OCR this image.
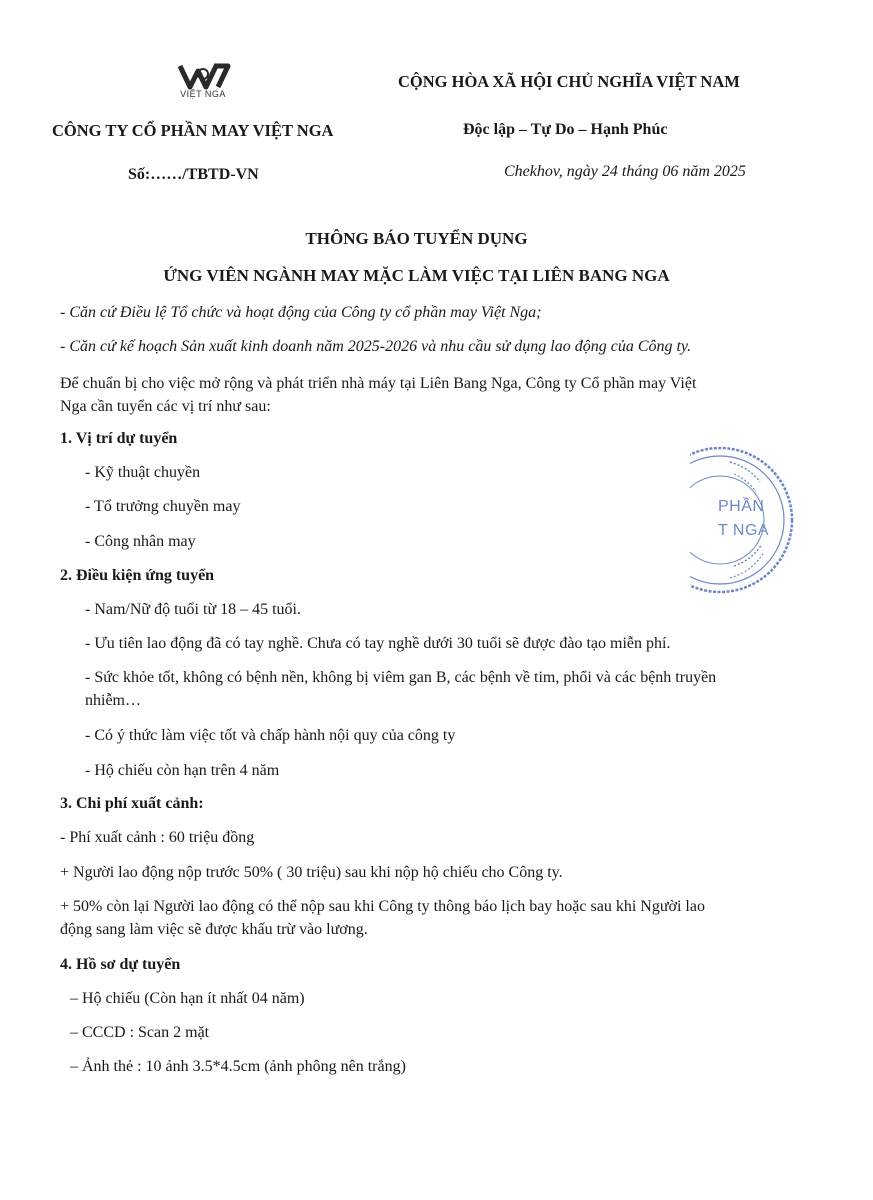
VIỆT NGA
CỘNG HÒA XÃ HỘI CHỦ NGHĨA VIỆT NAM
CÔNG TY CỔ PHẦN MAY VIỆT NGA	Độc lập – Tự Do – Hạnh Phúc
Số:……/TBTD-VN	Chekhov, ngày 24 tháng 06 năm 2025
THÔNG BÁO TUYỂN DỤNG
ỨNG VIÊN NGÀNH MAY MẶC LÀM VIỆC TẠI LIÊN BANG NGA
- Căn cứ Điều lệ Tổ chức và hoạt động của Công ty cổ phần may Việt Nga;
- Căn cứ kế hoạch Sản xuất kinh doanh năm 2025-2026 và nhu cầu sử dụng lao động của Công ty.
Để chuẩn bị cho việc mở rộng và phát triển nhà máy tại Liên Bang Nga, Công ty Cổ phần may Việt
Nga cần tuyển các vị trí như sau:
1. Vị trí dự tuyển
- Kỹ thuật chuyền
- Tổ trưởng chuyền may
- Công nhân may
2. Điều kiện ứng tuyển
- Nam/Nữ độ tuổi từ 18 – 45 tuổi.
- Ưu tiên lao động đã có tay nghề. Chưa có tay nghề dưới 30 tuổi sẽ được đào tạo miễn phí.
- Sức khỏe tốt, không có bệnh nền, không bị viêm gan B, các bệnh về tim, phổi và các bệnh truyền
nhiễm…
- Có ý thức làm việc tốt và chấp hành nội quy của công ty
- Hộ chiếu còn hạn trên 4 năm
3. Chi phí xuất cảnh:
- Phí xuất cảnh : 60 triệu đồng
+ Người lao động nộp trước 50% ( 30 triệu) sau khi nộp hộ chiếu cho Công ty.
+ 50% còn lại Người lao động có thể nộp sau khi Công ty thông báo lịch bay hoặc sau khi Người lao
động sang làm việc sẽ được khấu trừ vào lương.
4. Hồ sơ dự tuyển
– Hộ chiếu (Còn hạn ít nhất 04 năm)
– CCCD : Scan 2 mặt
– Ảnh thẻ : 10 ảnh 3.5*4.5cm (ảnh phông nên trắng)
PHẦN
T NGA
